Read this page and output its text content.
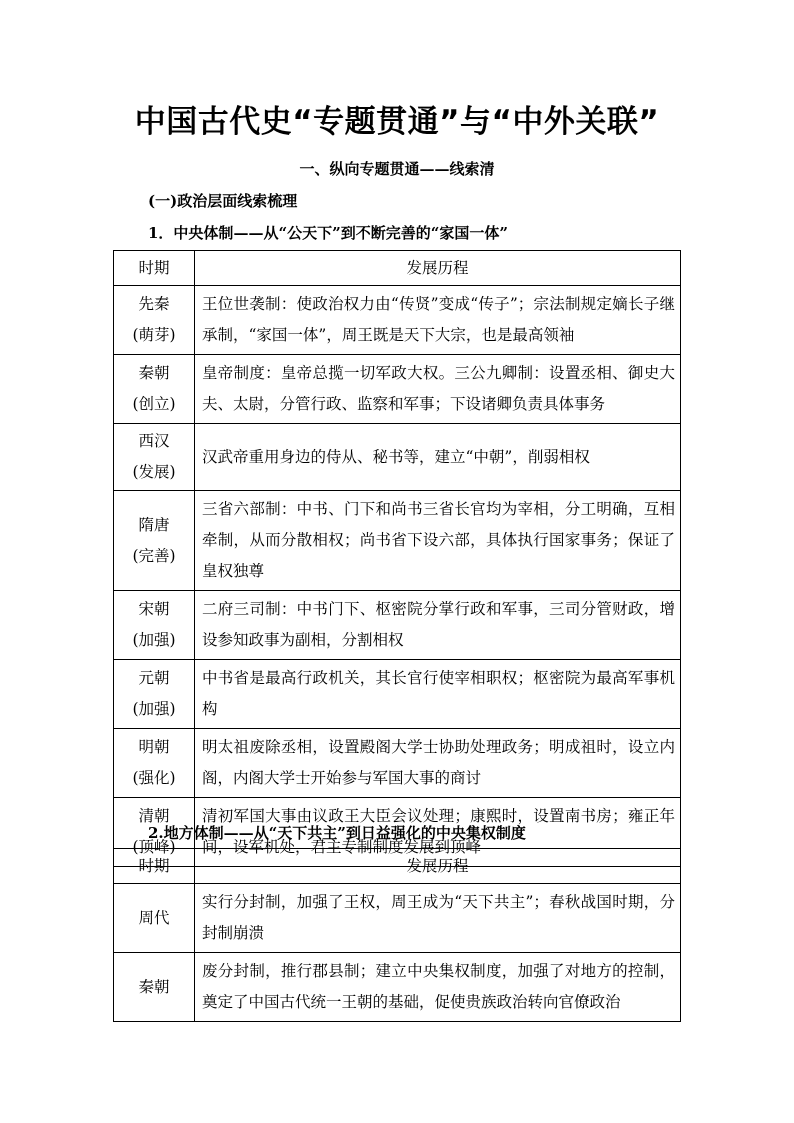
中国古代史“专题贯通”与“中外关联”
一、纵向专题贯通——线索清
(一)政治层面线索梳理
1．中央体制——从“公天下”到不断完善的“家国一体”
时期	发展历程

先秦
(萌芽)	王位世袭制：使政治权力由“传贤”变成“传子”；宗法制规定嫡长子继承制，“家国一体”，周王既是天下大宗，也是最高领袖

秦朝
(创立)	皇帝制度：皇帝总揽一切军政大权。三公九卿制：设置丞相、御史大夫、太尉，分管行政、监察和军事；下设诸卿负责具体事务

西汉
(发展)	汉武帝重用身边的侍从、秘书等，建立“中朝”，削弱相权

隋唐
(完善)	三省六部制：中书、门下和尚书三省长官均为宰相，分工明确，互相牵制，从而分散相权；尚书省下设六部，具体执行国家事务；保证了皇权独尊

宋朝
(加强)	二府三司制：中书门下、枢密院分掌行政和军事，三司分管财政，增设参知政事为副相，分割相权

元朝
(加强)	中书省是最高行政机关，其长官行使宰相职权；枢密院为最高军事机构

明朝
(强化)	明太祖废除丞相，设置殿阁大学士协助处理政务；明成祖时，设立内阁，内阁大学士开始参与军国大事的商讨

清朝
(顶峰)	清初军国大事由议政王大臣会议处理；康熙时，设置南书房；雍正年间，设军机处，君主专制制度发展到顶峰
2.地方体制——从“天下共主”到日益强化的中央集权制度
时期	发展历程
周代	实行分封制，加强了王权，周王成为“天下共主”；春秋战国时期，分封制崩溃
秦朝	废分封制，推行郡县制；建立中央集权制度，加强了对地方的控制，奠定了中国古代统一王朝的基础，促使贵族政治转向官僚政治
